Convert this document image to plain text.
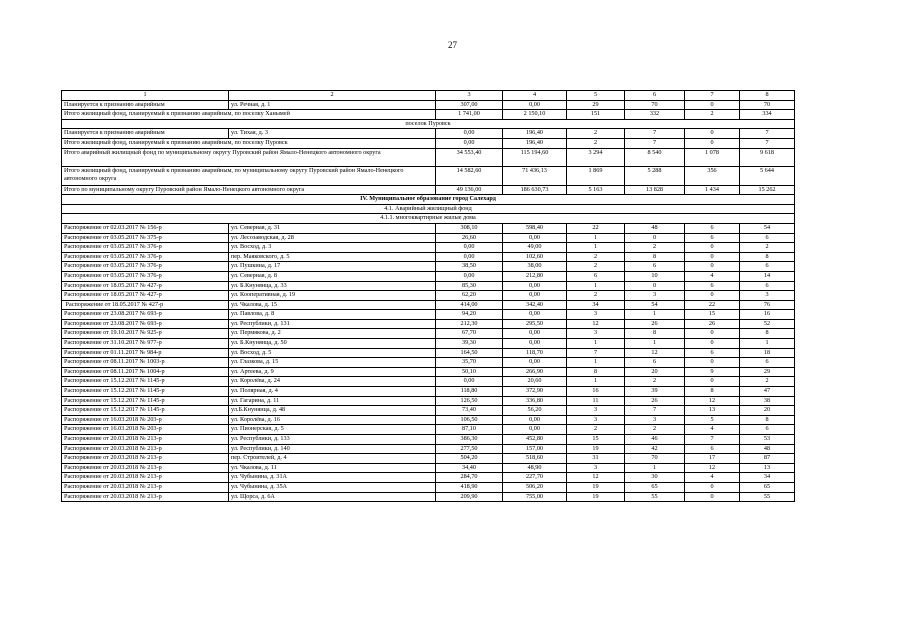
27
1	2	3	4	5	6	7	8
Планируется к признанию аварийным	ул. Речная, д. 1	307,00	0,00	29	70	0	70
Итого жилищный фонд, планируемый к признанию аварийным, по поселку Ханымей		1 741,00	2 150,10	151	332	2	334
поселок Пуровск							
Планируется к признанию аварийным	ул. Тихая, д. 3	0,00	196,40	2	7	0	7
Итого жилищный фонд, планируемый к признанию аварийным, по поселку Пуровск		0,00	196,40	2	7	0	7
Итого аварийный жилищный фонд по муниципальному округу Пуровский район Ямало-Ненецкого автономного округа		34 553,40	115 194,60	3 294	8 540	1 078	9 618
Итого жилищный фонд, планируемый к признанию аварийным, по муниципальному округу Пуровский район Ямало-Ненецкого автономного округа		14 582,60	71 436,13	1 869	5 288	356	5 644
Итого по муниципальному округу Пуровский район Ямало-Ненецкого автономного округа		49 136,00	186 630,73	5 163	13 828	1 434	15 262
IV. Муниципальное образование город Салехард							
4.1. Аварийный жилищный фонд							
4.1.1. многоквартирные жилые дома							
Распоряжение от 02.03.2017 № 156-р	ул. Северная, д. 31	308,10	598,40	22	48	6	54
Распоряжение от 03.05.2017 № 375-р	ул. Лесозаводская, д. 28	26,60	0,00	1	0	6	6
Распоряжение от 03.05.2017 № 376-р	ул. Восход, д. 3	0,00	49,00	1	2	0	2
Распоряжение от 03.05.2017 № 376-р	пер. Маяковского, д. 5	0,00	102,60	2	8	0	8
Распоряжение от 03.05.2017 № 376-р	ул. Пушкина, д. 17	38,50	38,00	2	6	0	6
Распоряжение от 03.05.2017 № 376-р	ул. Северная, д. 8	0,00	212,80	6	10	4	14
Распоряжение от 18.05.2017 № 427-р	ул. Б.Кнунянца, д. 33	85,30	0,00	1	0	6	6
Распоряжение от 18.05.2017 № 427-р	ул. Кооперативная, д. 19	62,20	0,00	2	3	0	3
Распоряжение от 18.05.2017 № 427-р	ул. Чкалова, д. 15	414,00	342,40	34	54	22	76
Распоряжение от 23.08.2017 № 693-р	ул. Павлова, д. 8	94,20	0,00	3	1	15	16
Распоряжение от 23.08.2017 № 693-р	ул. Республики, д. 131	212,30	295,50	12	26	26	52
Распоряжение от 19.10.2017 № 925-р	ул. Пермякова, д. 2	67,70	0,00	3	8	0	8
Распоряжение от 31.10.2017 № 977-р	ул. Б.Кнунянца, д. 50	39,30	0,00	1	1	0	1
Распоряжение от 01.11.2017 № 984-р	ул. Восход, д. 5	164,50	118,70	7	12	6	18
Распоряжение от 08.11.2017 № 1003-р	ул. Глазкова, д. 15	35,70	0,00	1	6	0	6
Распоряжение от 08.11.2017 № 1004-р	ул. Артеева, д. 9	50,10	266,90	8	20	9	29
Распоряжение от 15.12.2017 № 1145-р	ул. Королёва, д. 24	0,00	20,60	1	2	0	2
Распоряжение от 15.12.2017 № 1145-р	ул. Полярная, д. 4	118,80	372,90	16	39	8	47
Распоряжение от 15.12.2017 № 1145-р	ул. Гагарина, д. 11	126,50	336,80	11	26	12	38
Распоряжение от 15.12.2017 № 1145-р	ул.Б.Кнунянца, д. 48	73,40	56,20	3	7	13	20
Распоряжение от 16.03.2018 № 203-р	ул. Королёва, д. 16	106,50	0,00	3	3	5	8
Распоряжение от 16.03.2018 № 203-р	ул. Пионерская, д. 5	87,10	0,00	2	2	4	6
Распоряжение от 20.03.2018 № 213-р	ул. Республики, д. 133	386,30	452,80	15	46	7	53
Распоряжение от 20.03.2018 № 213-р	ул. Республики, д. 140	277,50	157,00	19	42	6	48
Распоряжение от 20.03.2018 № 213-р	пер. Строителей, д. 4	504,20	518,60	31	70	17	87
Распоряжение от 20.03.2018 № 213-р	ул. Чкалова, д. 11	34,40	48,90	3	1	12	13
Распоряжение от 20.03.2018 № 213-р	ул. Чубынина, д. 31А	284,70	227,70	12	30	4	34
Распоряжение от 20.03.2018 № 213-р	ул. Чубынина, д. 35А	418,90	506,20	19	65	0	65
Распоряжение от 20.03.2018 № 213-р	ул. Щорса, д. 6А	209,90	755,00	19	55	0	55
